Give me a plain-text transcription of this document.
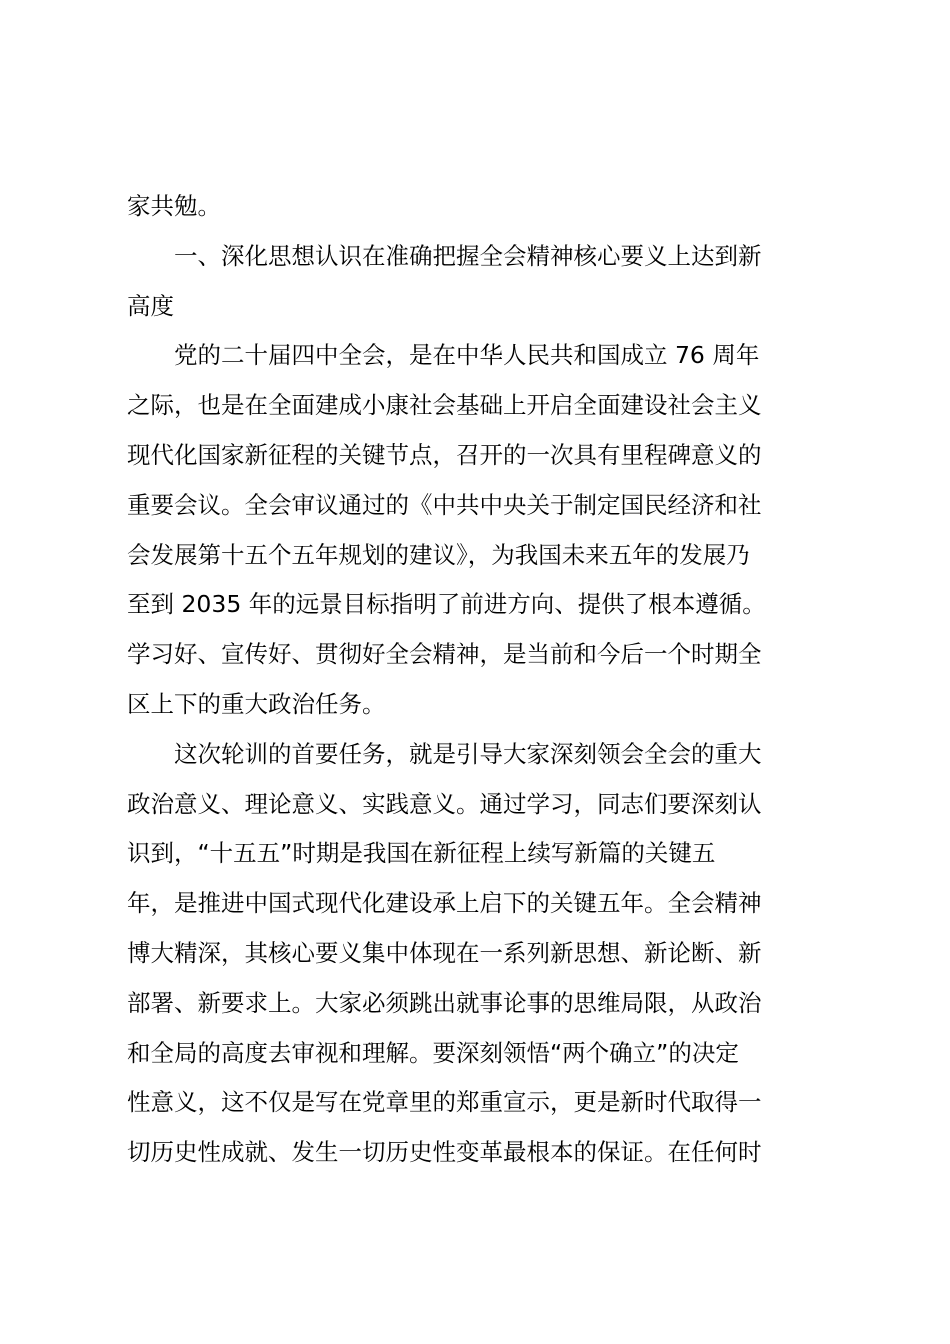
家共勉。
一、深化思想认识在准确把握全会精神核心要义上达到新
高度
党的二十届四中全会，是在中华人民共和国成立 76 周年
之际，也是在全面建成小康社会基础上开启全面建设社会主义
现代化国家新征程的关键节点，召开的一次具有里程碑意义的
重要会议。全会审议通过的《中共中央关于制定国民经济和社
会发展第十五个五年规划的建议》，为我国未来五年的发展乃
至到 2035 年的远景目标指明了前进方向、提供了根本遵循。
学习好、宣传好、贯彻好全会精神，是当前和今后一个时期全
区上下的重大政治任务。
这次轮训的首要任务，就是引导大家深刻领会全会的重大
政治意义、理论意义、实践意义。通过学习，同志们要深刻认
识到，“十五五”时期是我国在新征程上续写新篇的关键五
年，是推进中国式现代化建设承上启下的关键五年。全会精神
博大精深，其核心要义集中体现在一系列新思想、新论断、新
部署、新要求上。大家必须跳出就事论事的思维局限，从政治
和全局的高度去审视和理解。要深刻领悟“两个确立”的决定
性意义，这不仅是写在党章里的郑重宣示，更是新时代取得一
切历史性成就、发生一切历史性变革最根本的保证。在任何时
